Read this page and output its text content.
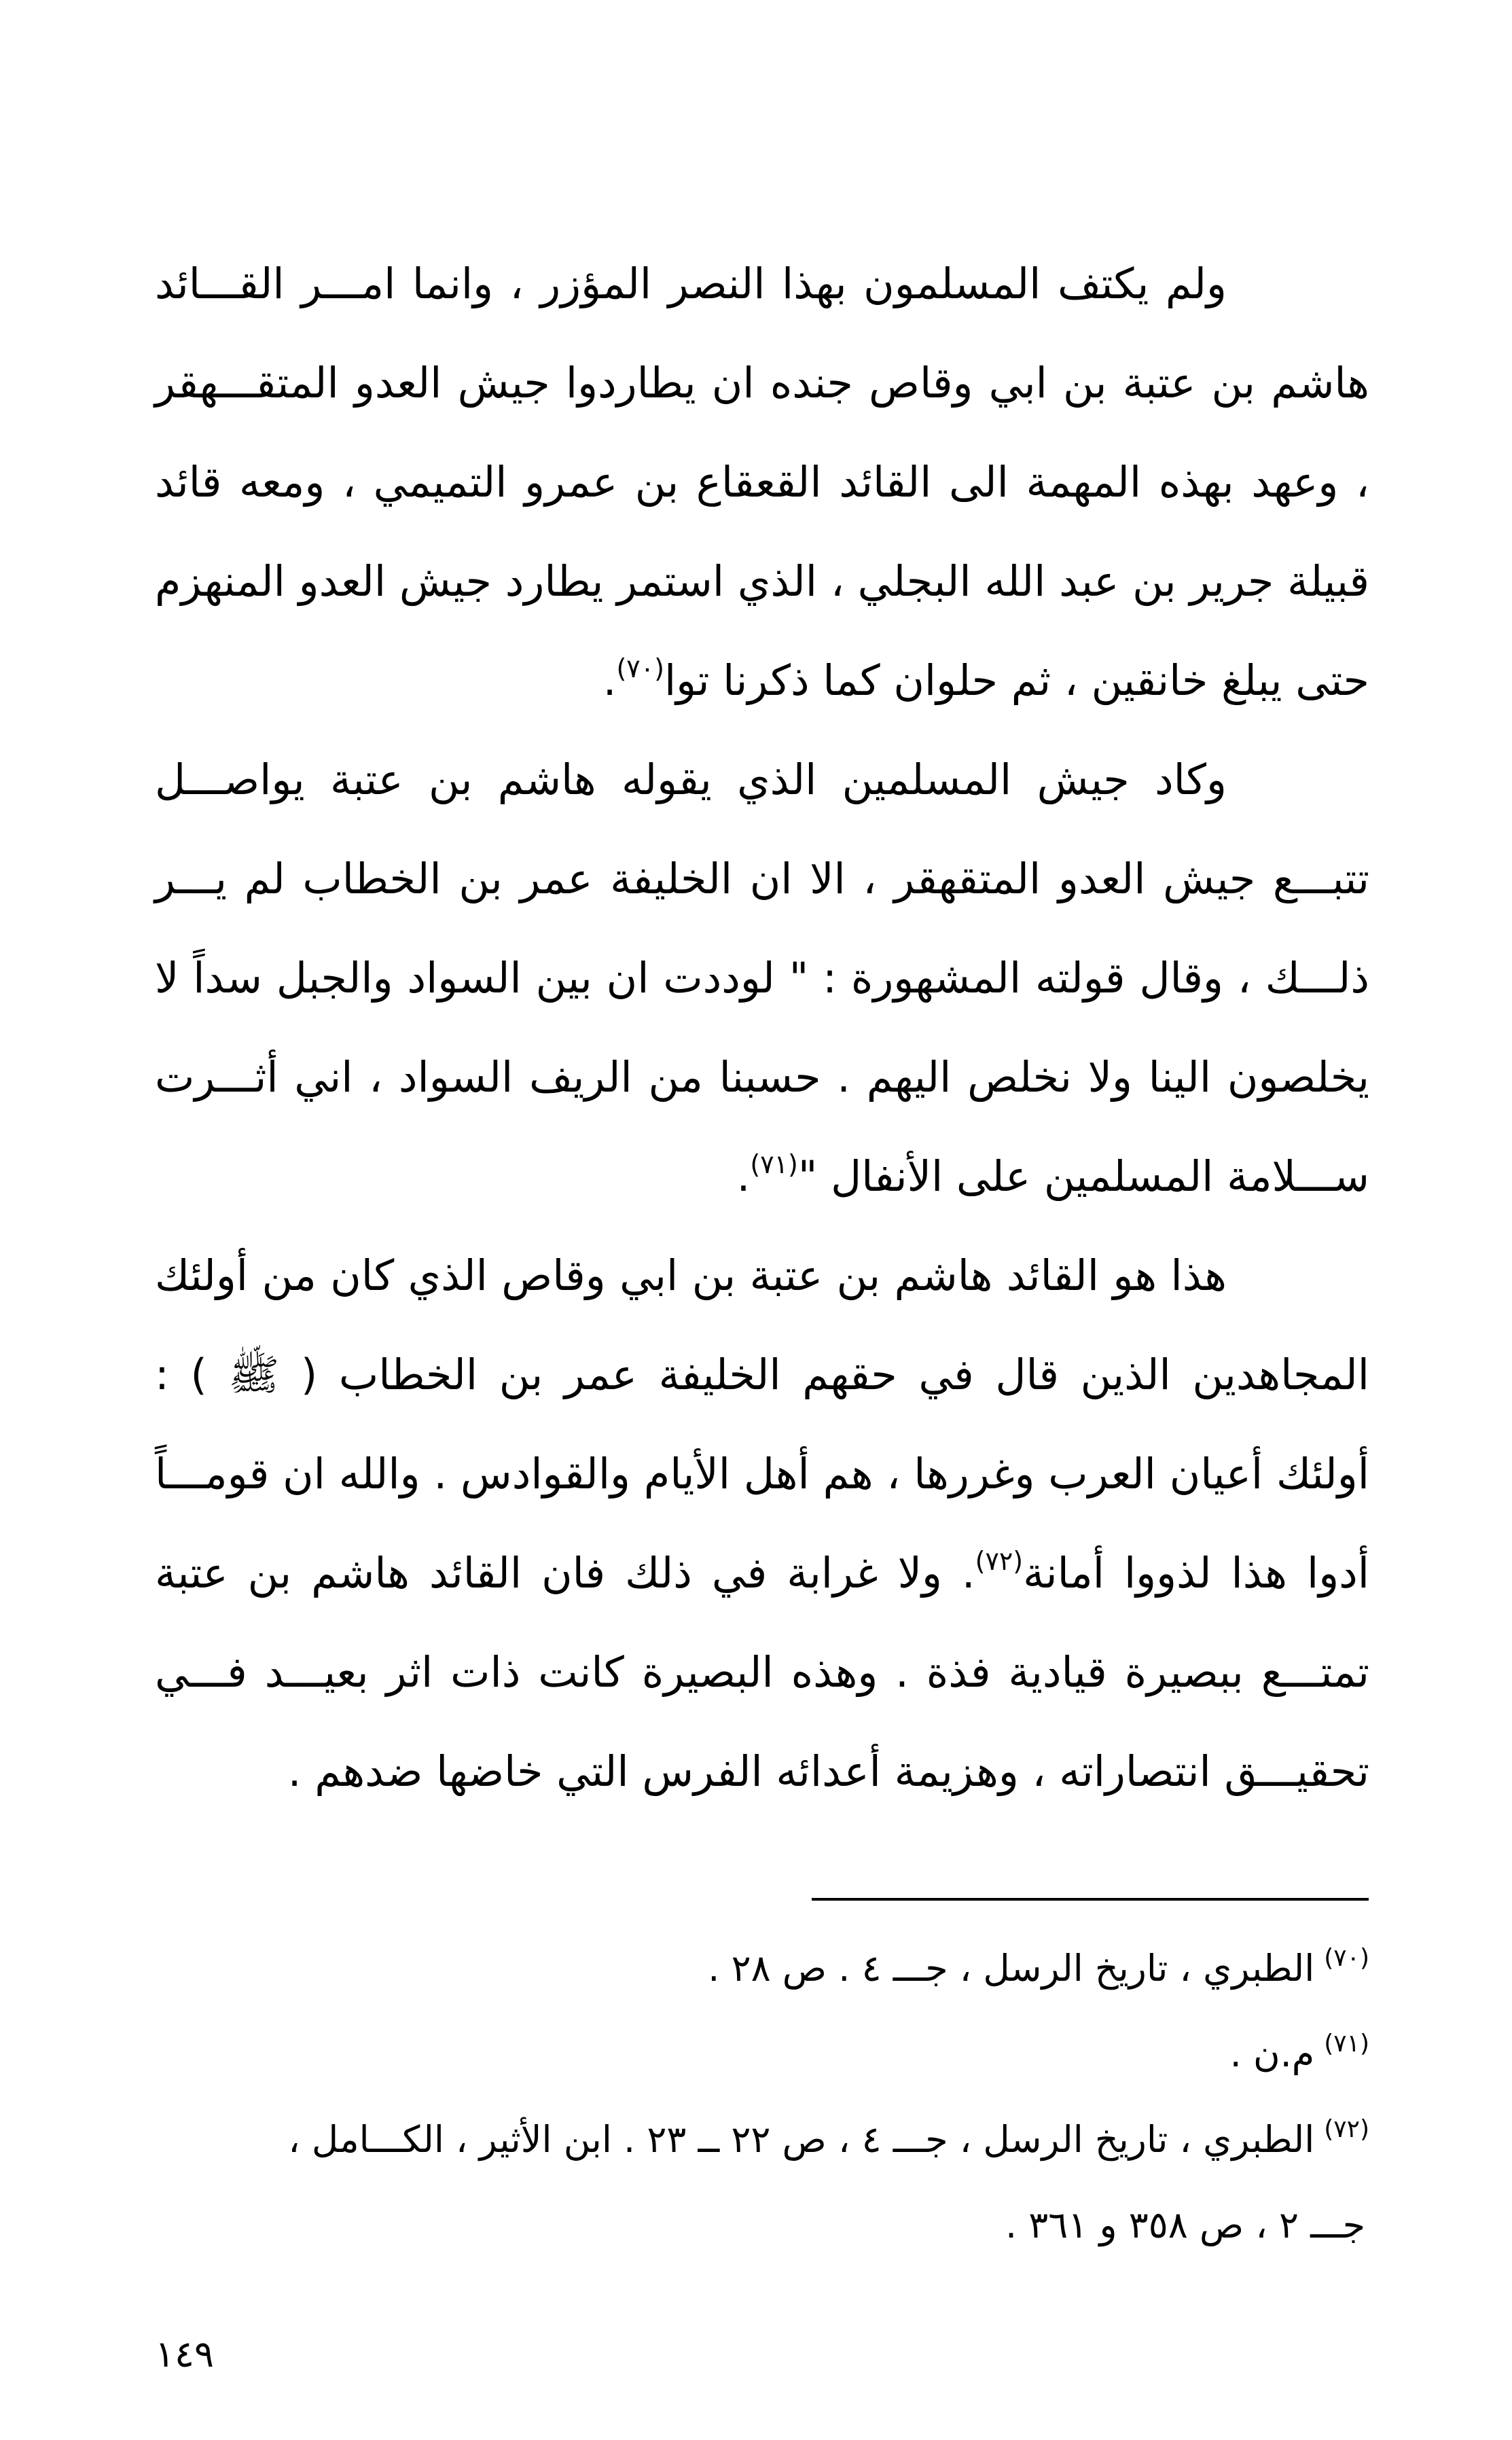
ولم يكتف المسلمون بهذا النصر المؤزر ، وانما امـــر القـــائد هاشم بن عتبة بن ابي وقاص جنده ان يطاردوا جيش العدو المتقـــهقر ، وعهد بهذه المهمة الى القائد القعقاع بن عمرو التميمي ، ومعه قائد قبيلة جرير بن عبد الله البجلي ، الذي استمر يطارد جيش العدو المنهزم حتى يبلغ خانقين ، ثم حلوان كما ذكرنا توا$^{(٧٠)}$.

وكاد جيش المسلمين الذي يقوله هاشم بن عتبة يواصـــل تتبـــع جيش العدو المتقهقر ، الا ان الخليفة عمر بن الخطاب لم يـــر ذلـــك ، وقال قولته المشهورة : " لوددت ان بين السواد والجبل سداً لا يخلصون الينا ولا نخلص اليهم . حسبنا من الريف السواد ، اني أثـــرت ســـلامة المسلمين على الأنفال "$^{(٧١)}$.

هذا هو القائد هاشم بن عتبة بن ابي وقاص الذي كان من أولئك المجاهدين الذين قال في حقهم الخليفة عمر بن الخطاب ( ﷺ ) : أولئك أعيان العرب وغررها ، هم أهل الأيام والقوادس . والله ان قومـــاً أدوا هذا لذووا أمانة$^{(٧٢)}$. ولا غرابة في ذلك فان القائد هاشم بن عتبة تمتـــع ببصيرة قيادية فذة . وهذه البصيرة كانت ذات اثر بعيـــد فـــي تحقيـــق انتصاراته ، وهزيمة أعدائه الفرس التي خاضها ضدهم .

$^{(٧٠)}$الطبري ، تاريخ الرسل ، جـــ ٤ . ص ٢٨ .

$^{(٧١)}$م.ن .

$^{(٧٢)}$الطبري ، تاريخ الرسل ، جـــ ٤ ، ص ٢٢ ــ ٢٣ . ابن الأثير ، الكـــامل ،

جـــ ٢ ، ص ٣٥٨ و ٣٦١ .

١٤٩
